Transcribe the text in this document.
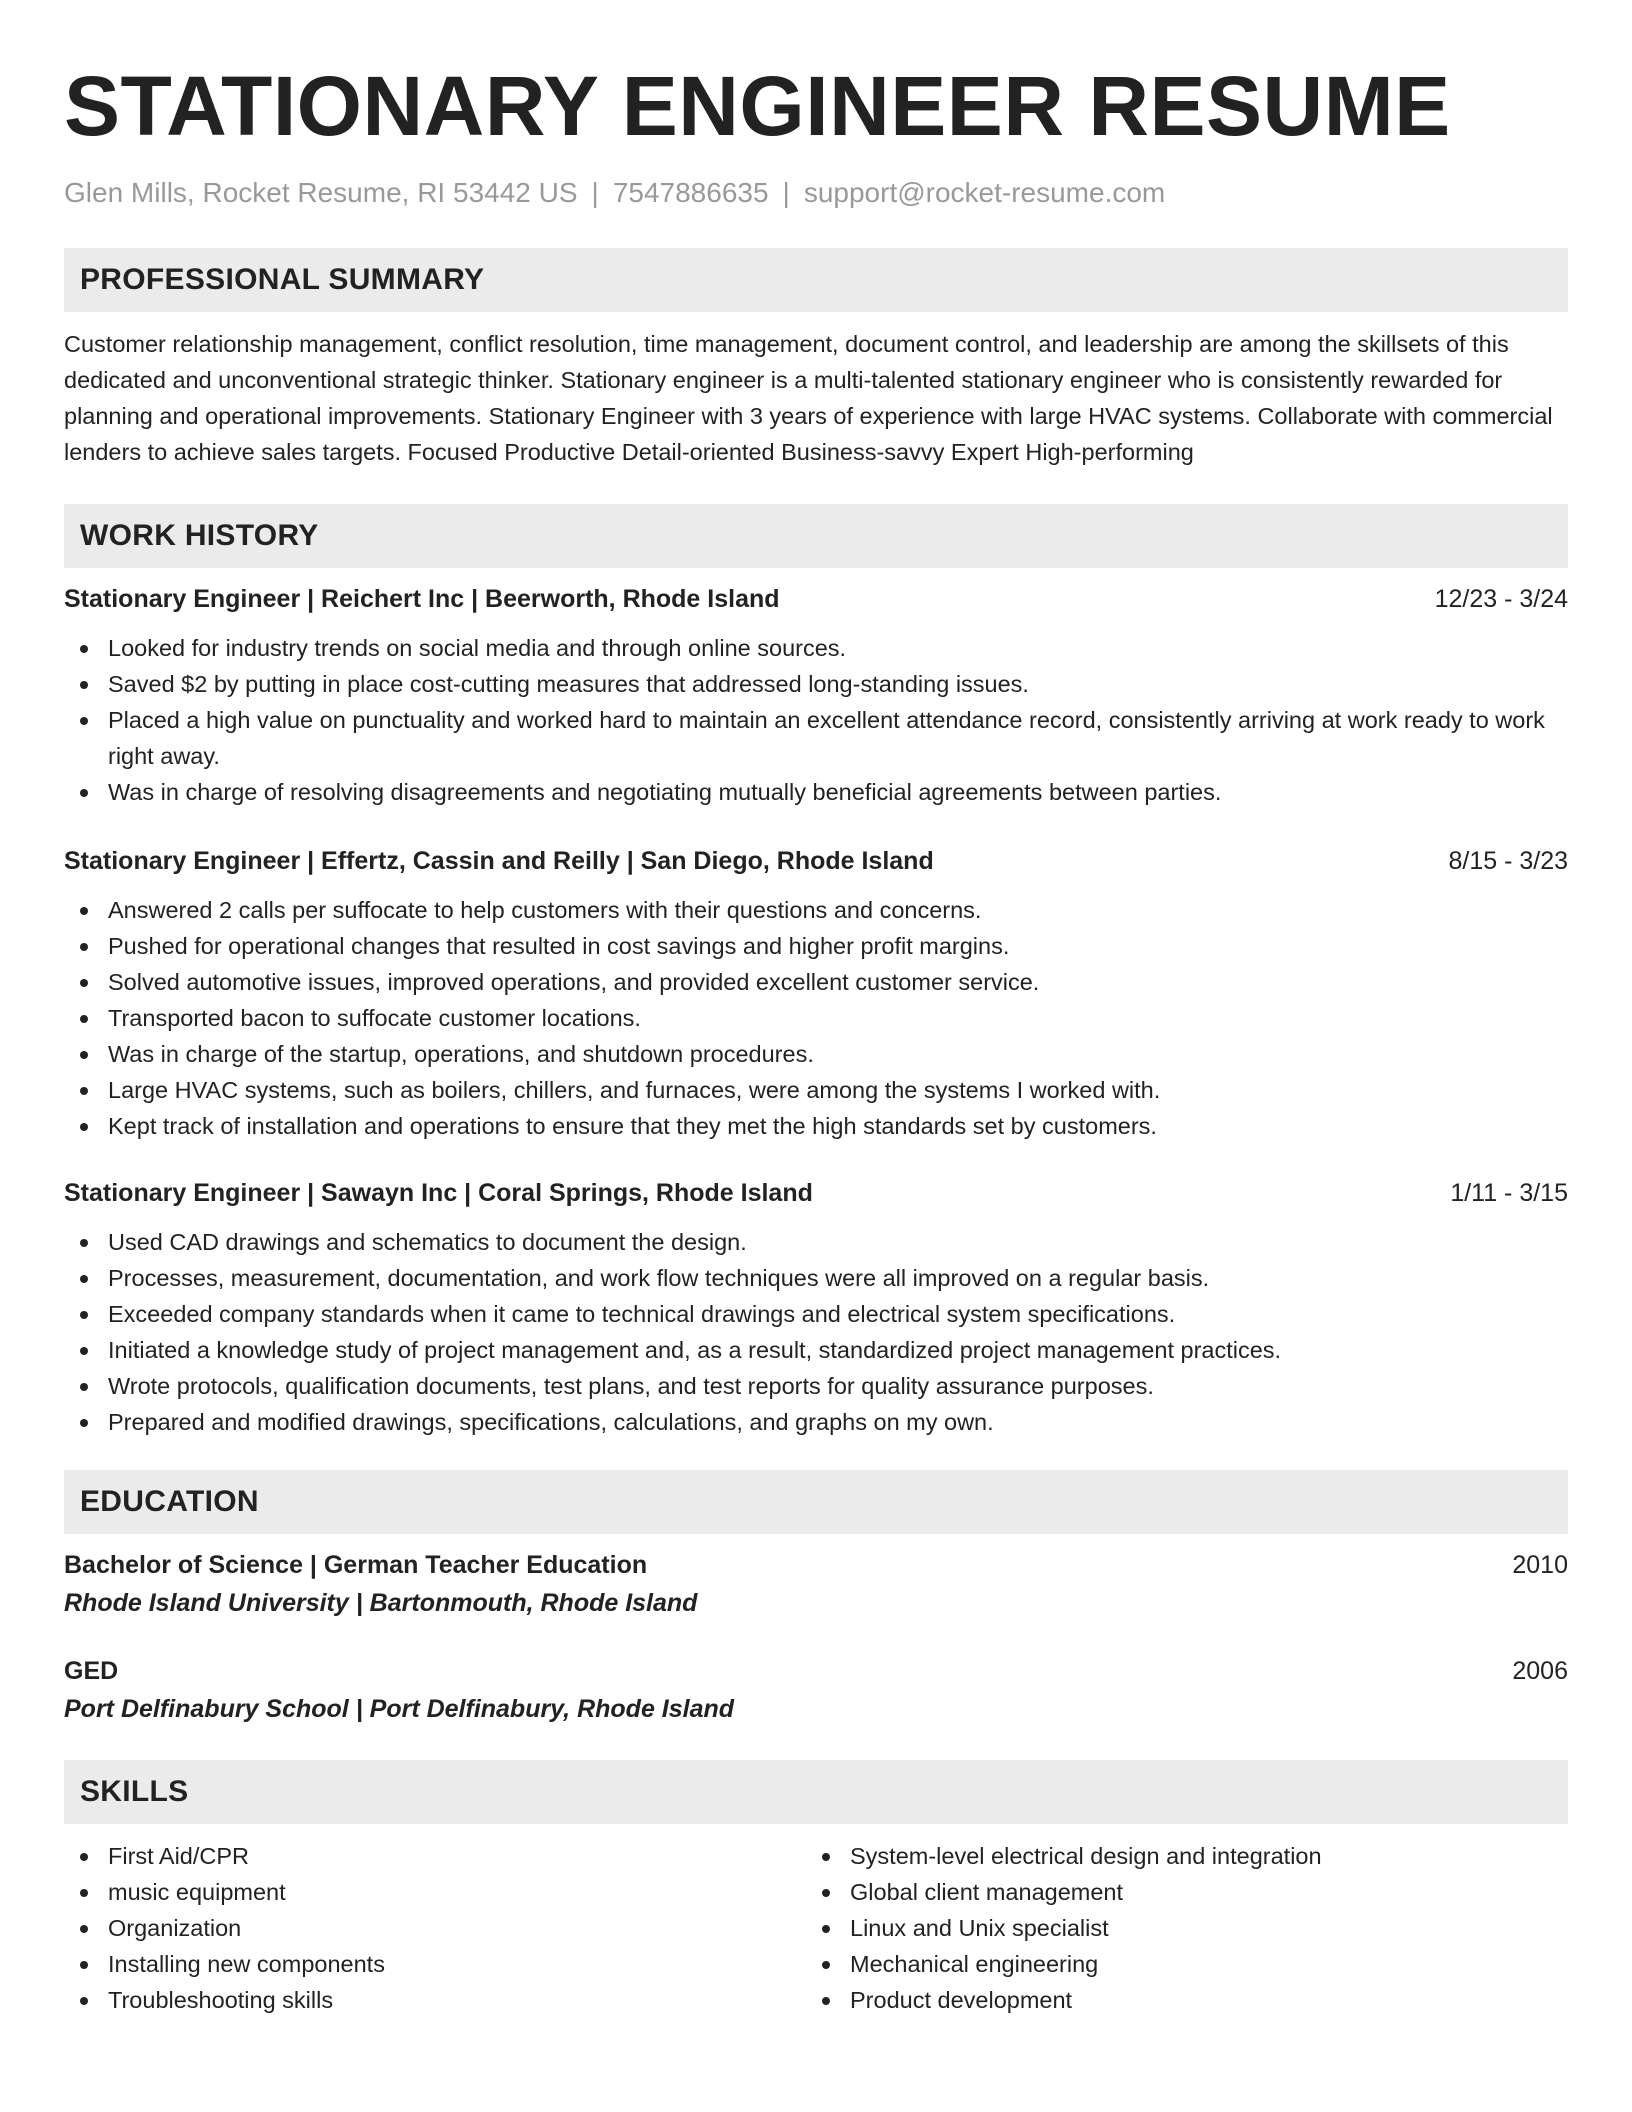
STATIONARY ENGINEER RESUME
Glen Mills, Rocket Resume, RI 53442 US | 7547886635 | support@rocket-resume.com
PROFESSIONAL SUMMARY

Customer relationship management, conflict resolution, time management, document control, and leadership are among the skillsets of this dedicated and unconventional strategic thinker. Stationary engineer is a multi-talented stationary engineer who is consistently rewarded for planning and operational improvements. Stationary Engineer with 3 years of experience with large HVAC systems. Collaborate with commercial lenders to achieve sales targets. Focused Productive Detail-oriented Business-savvy Expert High-performing

WORK HISTORY
Stationary Engineer | Reichert Inc | Beerworth, Rhode Island	12/23 - 3/24
Looked for industry trends on social media and through online sources.
Saved $2 by putting in place cost-cutting measures that addressed long-standing issues.
Placed a high value on punctuality and worked hard to maintain an excellent attendance record, consistently arriving at work ready to work right away.
Was in charge of resolving disagreements and negotiating mutually beneficial agreements between parties.
Stationary Engineer | Effertz, Cassin and Reilly | San Diego, Rhode Island	8/15 - 3/23
Answered 2 calls per suffocate to help customers with their questions and concerns.
Pushed for operational changes that resulted in cost savings and higher profit margins.
Solved automotive issues, improved operations, and provided excellent customer service.
Transported bacon to suffocate customer locations.
Was in charge of the startup, operations, and shutdown procedures.
Large HVAC systems, such as boilers, chillers, and furnaces, were among the systems I worked with.
Kept track of installation and operations to ensure that they met the high standards set by customers.
Stationary Engineer | Sawayn Inc | Coral Springs, Rhode Island	1/11 - 3/15
Used CAD drawings and schematics to document the design.
Processes, measurement, documentation, and work flow techniques were all improved on a regular basis.
Exceeded company standards when it came to technical drawings and electrical system specifications.
Initiated a knowledge study of project management and, as a result, standardized project management practices.
Wrote protocols, qualification documents, test plans, and test reports for quality assurance purposes.
Prepared and modified drawings, specifications, calculations, and graphs on my own.
EDUCATION
Bachelor of Science | German Teacher Education	2010
Rhode Island University | Bartonmouth, Rhode Island
GED	2006
Port Delfinabury School | Port Delfinabury, Rhode Island
SKILLS
First Aid/CPR
music equipment
Organization
Installing new components
Troubleshooting skills
System-level electrical design and integration
Global client management
Linux and Unix specialist
Mechanical engineering
Product development
